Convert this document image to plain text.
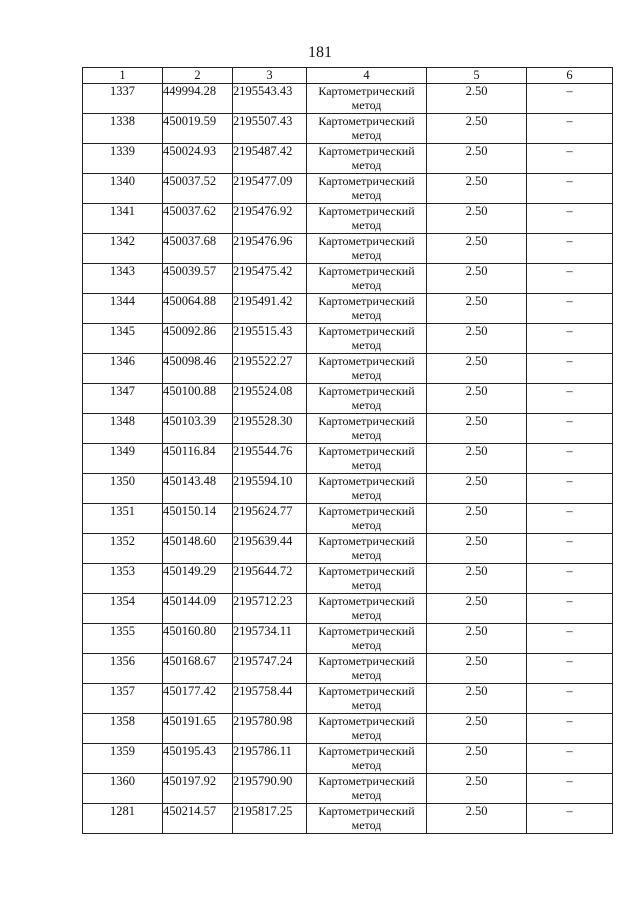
181
1	2	3	4	5	6
1337	449994.28	2195543.43	Картометрический метод	2.50	–
1338	450019.59	2195507.43	Картометрический метод	2.50	–
1339	450024.93	2195487.42	Картометрический метод	2.50	–
1340	450037.52	2195477.09	Картометрический метод	2.50	–
1341	450037.62	2195476.92	Картометрический метод	2.50	–
1342	450037.68	2195476.96	Картометрический метод	2.50	–
1343	450039.57	2195475.42	Картометрический метод	2.50	–
1344	450064.88	2195491.42	Картометрический метод	2.50	–
1345	450092.86	2195515.43	Картометрический метод	2.50	–
1346	450098.46	2195522.27	Картометрический метод	2.50	–
1347	450100.88	2195524.08	Картометрический метод	2.50	–
1348	450103.39	2195528.30	Картометрический метод	2.50	–
1349	450116.84	2195544.76	Картометрический метод	2.50	–
1350	450143.48	2195594.10	Картометрический метод	2.50	–
1351	450150.14	2195624.77	Картометрический метод	2.50	–
1352	450148.60	2195639.44	Картометрический метод	2.50	–
1353	450149.29	2195644.72	Картометрический метод	2.50	–
1354	450144.09	2195712.23	Картометрический метод	2.50	–
1355	450160.80	2195734.11	Картометрический метод	2.50	–
1356	450168.67	2195747.24	Картометрический метод	2.50	–
1357	450177.42	2195758.44	Картометрический метод	2.50	–
1358	450191.65	2195780.98	Картометрический метод	2.50	–
1359	450195.43	2195786.11	Картометрический метод	2.50	–
1360	450197.92	2195790.90	Картометрический метод	2.50	–
1281	450214.57	2195817.25	Картометрический метод	2.50	–
